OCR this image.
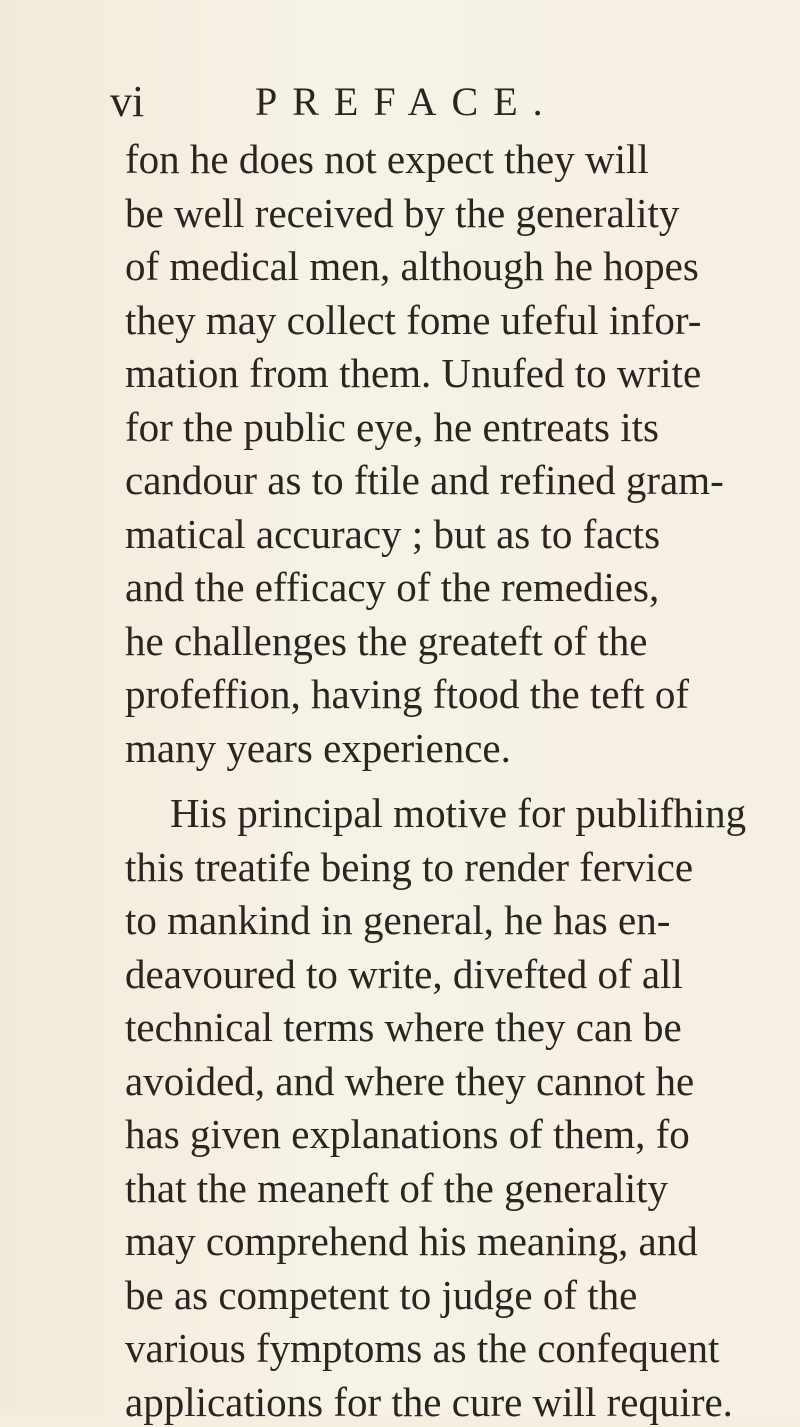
vi	PREFACE.
fon he does not expect they will
be well received by the generality
of medical men, although he hopes
they may collect fome ufeful infor-
mation from them. Unufed to write
for the public eye, he entreats its
candour as to ftile and refined gram-
matical accuracy ; but as to facts
and the efficacy of the remedies,
he challenges the greateft of the
profeffion, having ftood the teft of
many years experience.
His principal motive for publifhing
this treatife being to render fervice
to mankind in general, he has en-
deavoured to write, divefted of all
technical terms where they can be
avoided, and where they cannot he
has given explanations of them, fo
that the meaneft of the generality
may comprehend his meaning, and
be as competent to judge of the
various fymptoms as the confequent
applications for the cure will require.
